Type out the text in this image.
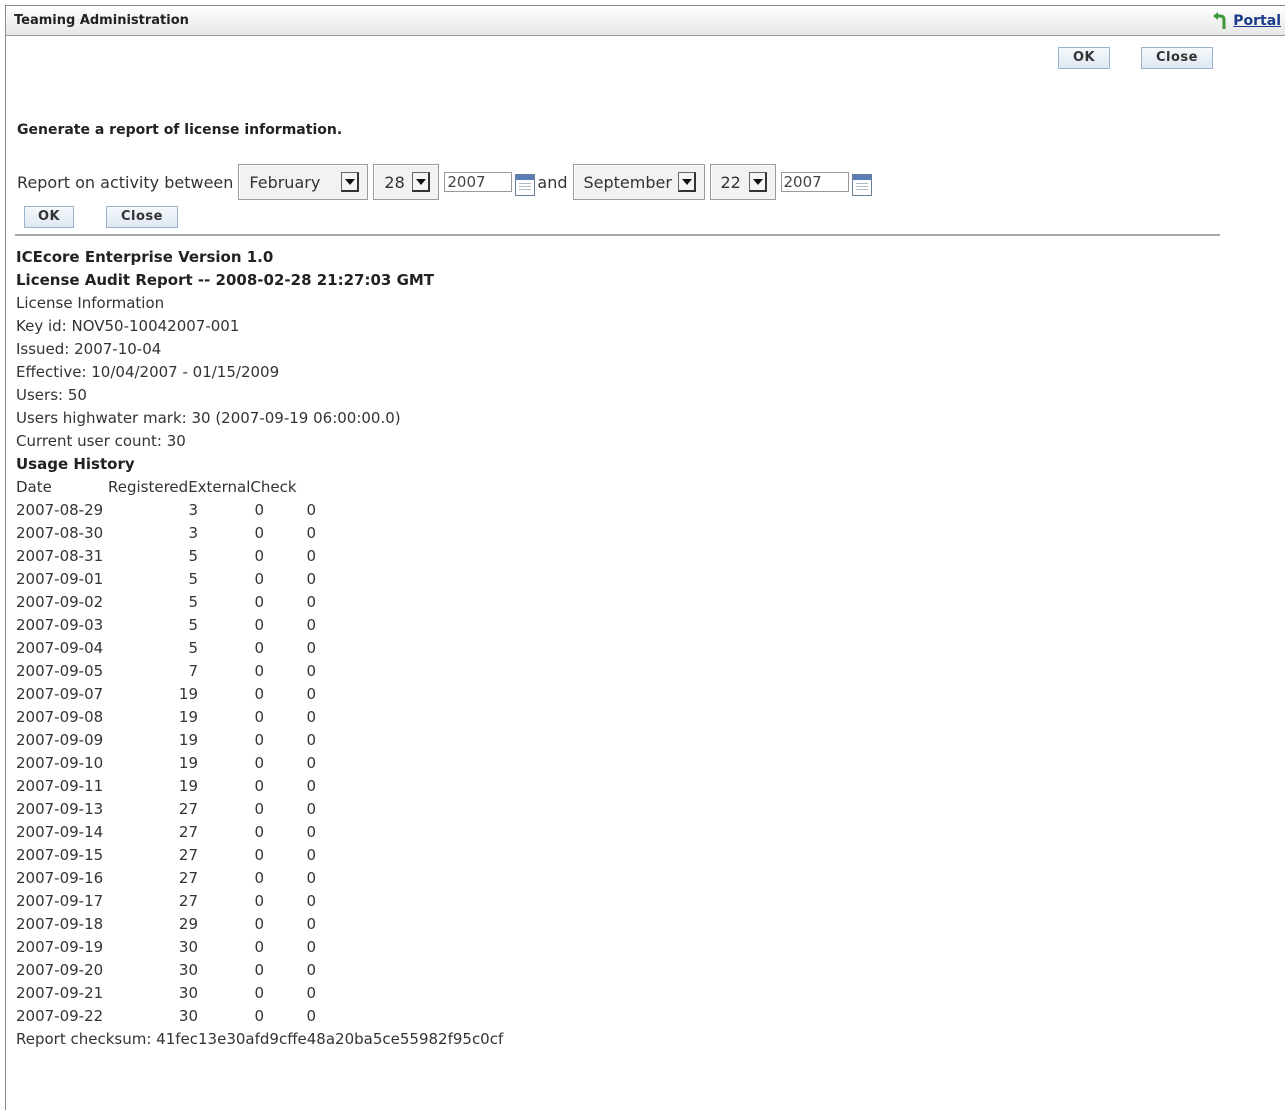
Teaming Administration	Portal
OK	Close
Generate a report of license information.
Report on activity between February	28	2007	and September	22	2007
OK	Close
ICEcore Enterprise Version 1.0
License Audit Report -- 2008-02-28 21:27:03 GMT
License Information
Key id: NOV50-10042007-001
Issued: 2007-10-04
Effective: 10/04/2007 - 01/15/2009
Users: 50
Users highwater mark: 30 (2007-09-19 06:00:00.0)
Current user count: 30
Usage History
Date	Registered External Check
2007-08-29	3	0	0
2007-08-30	3	0	0
2007-08-31	5	0	0
2007-09-01	5	0	0
2007-09-02	5	0	0
2007-09-03	5	0	0
2007-09-04	5	0	0
2007-09-05	7	0	0
2007-09-07	19	0	0
2007-09-08	19	0	0
2007-09-09	19	0	0
2007-09-10	19	0	0
2007-09-11	19	0	0
2007-09-13	27	0	0
2007-09-14	27	0	0
2007-09-15	27	0	0
2007-09-16	27	0	0
2007-09-17	27	0	0
2007-09-18	29	0	0
2007-09-19	30	0	0
2007-09-20	30	0	0
2007-09-21	30	0	0
2007-09-22	30	0	0
Report checksum: 41fec13e30afd9cffe48a20ba5ce55982f95c0cf
